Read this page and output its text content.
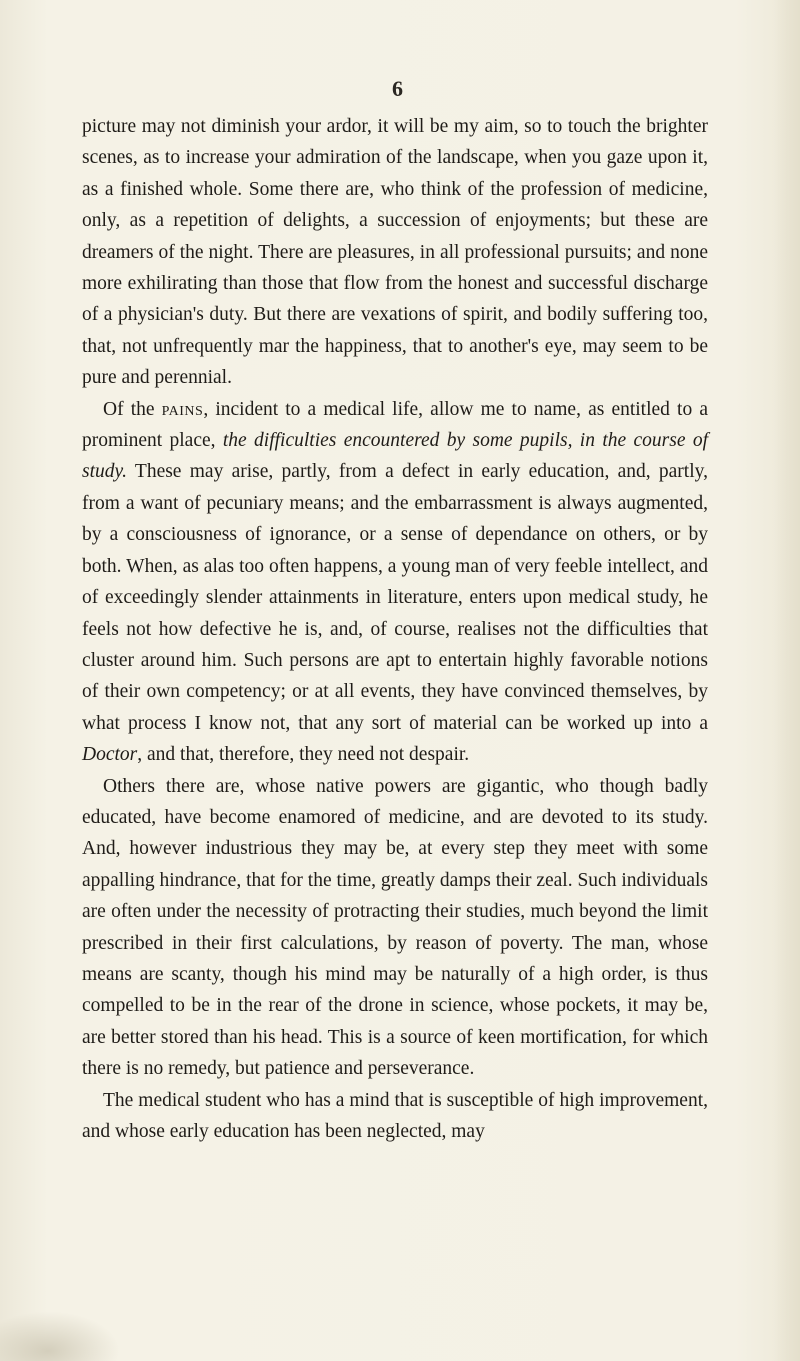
6

picture may not diminish your ardor, it will be my aim, so to touch the brighter scenes, as to increase your admiration of the landscape, when you gaze upon it, as a finished whole. Some there are, who think of the profession of medicine, only, as a repetition of delights, a succession of enjoyments; but these are dreamers of the night. There are pleasures, in all professional pursuits; and none more exhilirating than those that flow from the honest and successful discharge of a physician's duty. But there are vexations of spirit, and bodily suffering too, that, not unfrequently mar the happiness, that to another's eye, may seem to be pure and perennial.

Of the pains, incident to a medical life, allow me to name, as entitled to a prominent place, the difficulties encountered by some pupils, in the course of study. These may arise, partly, from a defect in early education, and, partly, from a want of pecuniary means; and the embarrassment is always augmented, by a consciousness of ignorance, or a sense of dependance on others, or by both. When, as alas too often happens, a young man of very feeble intellect, and of exceedingly slender attainments in literature, enters upon medical study, he feels not how defective he is, and, of course, realises not the difficulties that cluster around him. Such persons are apt to entertain highly favorable notions of their own competency; or at all events, they have convinced themselves, by what process I know not, that any sort of material can be worked up into a Doctor, and that, therefore, they need not despair.

Others there are, whose native powers are gigantic, who though badly educated, have become enamored of medicine, and are devoted to its study. And, however industrious they may be, at every step they meet with some appalling hindrance, that for the time, greatly damps their zeal. Such individuals are often under the necessity of protracting their studies, much beyond the limit prescribed in their first calculations, by reason of poverty. The man, whose means are scanty, though his mind may be naturally of a high order, is thus compelled to be in the rear of the drone in science, whose pockets, it may be, are better stored than his head. This is a source of keen mortification, for which there is no remedy, but patience and perseverance.

The medical student who has a mind that is susceptible of high improvement, and whose early education has been neglected, may
